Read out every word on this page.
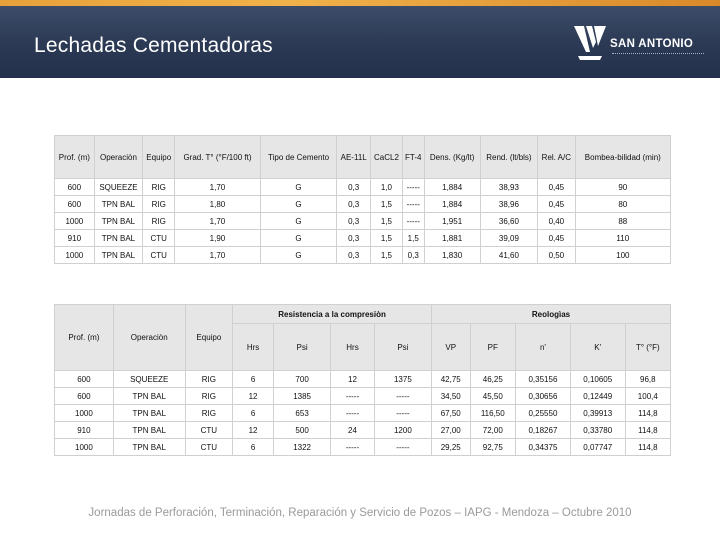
Lechadas Cementadoras	SAN ANTONIO
Prof. (m)	Operaciòn	Equipo	Grad. T° (°F/100 ft)	Tipo de Cemento	AE-11L	CaCL2	FT-4	Dens. (Kg/lt)	Rend. (lt/bls)	Rel. A/C	Bombea-bilidad (min)
600	SQUEEZE	RIG	1,70	G	0,3	1,0	-----	1,884	38,93	0,45	90
600	TPN BAL	RIG	1,80	G	0,3	1,5	-----	1,884	38,96	0,45	80
1000	TPN BAL	RIG	1,70	G	0,3	1,5	-----	1,951	36,60	0,40	88
910	TPN BAL	CTU	1,90	G	0,3	1,5	1,5	1,881	39,09	0,45	110
1000	TPN BAL	CTU	1,70	G	0,3	1,5	0,3	1,830	41,60	0,50	100
Prof. (m)	Operaciòn	Equipo	Resistencia a la compresiòn				Reologìas				
			Hrs	Psi	Hrs	Psi	VP	PF	n'	K'	T° (°F)
600	SQUEEZE	RIG	6	700	12	1375	42,75	46,25	0,35156	0,10605	96,8
600	TPN BAL	RIG	12	1385	-----	-----	34,50	45,50	0,30656	0,12449	100,4
1000	TPN BAL	RIG	6	653	-----	-----	67,50	116,50	0,25550	0,39913	114,8
910	TPN BAL	CTU	12	500	24	1200	27,00	72,00	0,18267	0,33780	114,8
1000	TPN BAL	CTU	6	1322	-----	-----	29,25	92,75	0,34375	0,07747	114,8
Jornadas de Perforación, Terminación, Reparación y Servicio de Pozos – IAPG - Mendoza – Octubre 2010
